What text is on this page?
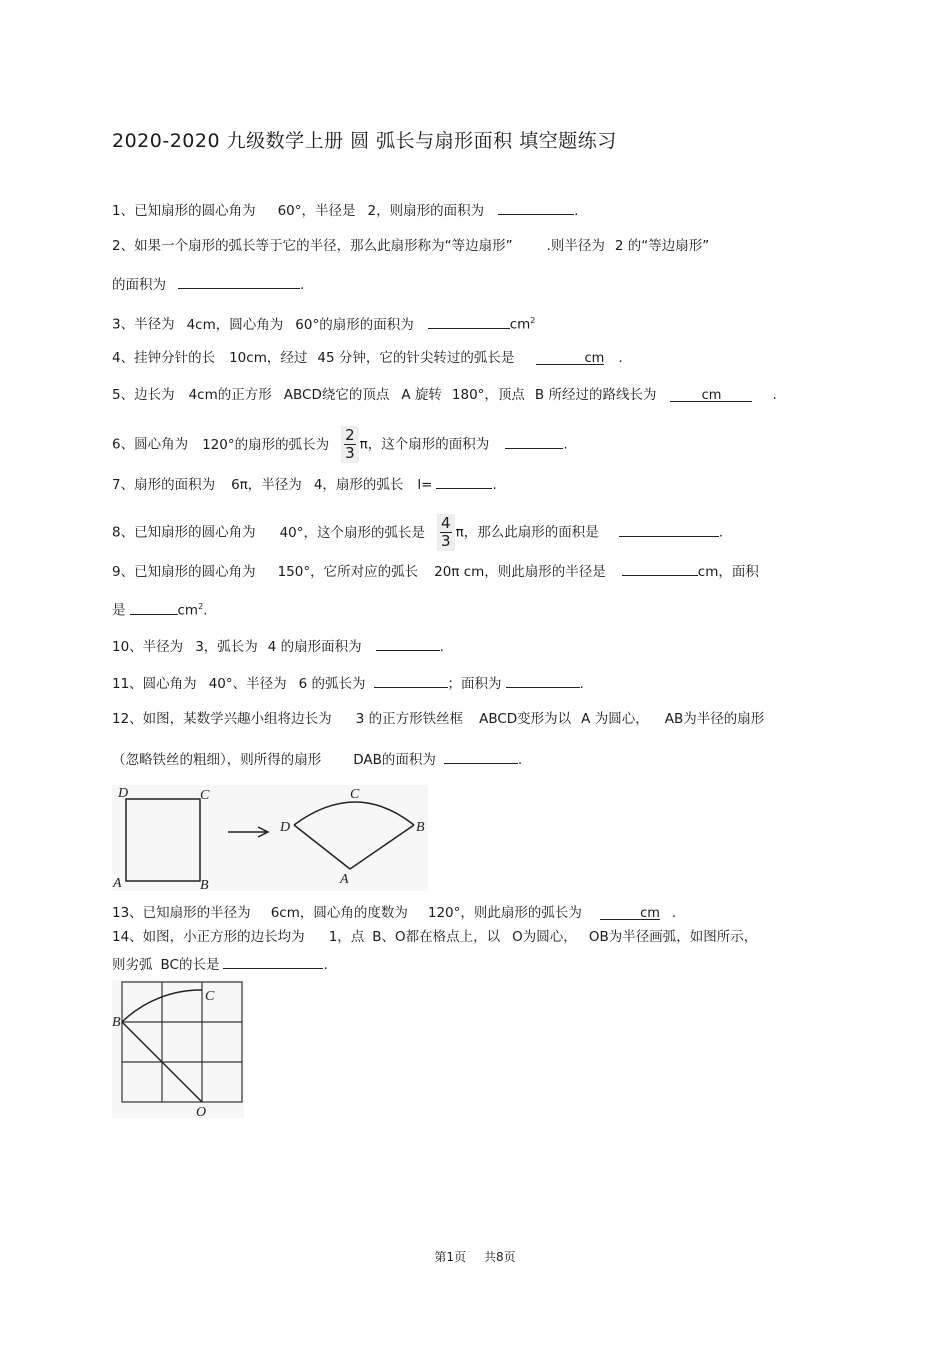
2020-2020 九级数学上册 圆 弧长与扇形面积 填空题练习
1、已知扇形的圆心角为 60°，半径是 2，则扇形的面积为	.
2、如果一个扇形的弧长等于它的半径，那么此扇形称为“等边扇形”	.则半径为 2 的“等边扇形”
的面积为	.
3、半径为 4cm，圆心角为 60°的扇形的面积为	$cm^2$
4、挂钟分针的长 10cm，经过 45 分钟，它的针尖转过的弧长是	cm .
5、边长为 4cm的正方形 ABCD绕它的顶点 A 旋转 180°，顶点 B 所经过的路线长为	cm	.
6、圆心角为 120°的扇形的弧长为 $\frac{2}{3}$ π，这个扇形的面积为	.
7、扇形的面积为 6π，半径为 4，扇形的弧长 l=	.
8、已知扇形的圆心角为 40°，这个扇形的弧长是 $\frac{4}{3}$ π，那么此扇形的面积是	.
9、已知扇形的圆心角为 150°，它所对应的弧长 20π cm，则此扇形的半径是	cm，面积
是	$cm^2$.
10、半径为 3，弧长为 4 的扇形面积为	.
11、圆心角为 40°、半径为 6 的弧长为	；面积为	.
12、如图，某数学兴趣小组将边长为 3 的正方形铁丝框 ABCD变形为以 A 为圆心， AB为半径的扇形
（忽略铁丝的粗细），则所得的扇形 DAB的面积为	.
D	C
A	B
C
D	B
A
13、已知扇形的半径为 6cm，圆心角的度数为 120°，则此扇形的弧长为	cm .
14、如图，小正方形的边长均为 1，点 B、O都在格点上，以 O为圆心， OB为半径画弧，如图所示，
则劣弧 BC的长是	.
C
B
O
第1页 共8页
